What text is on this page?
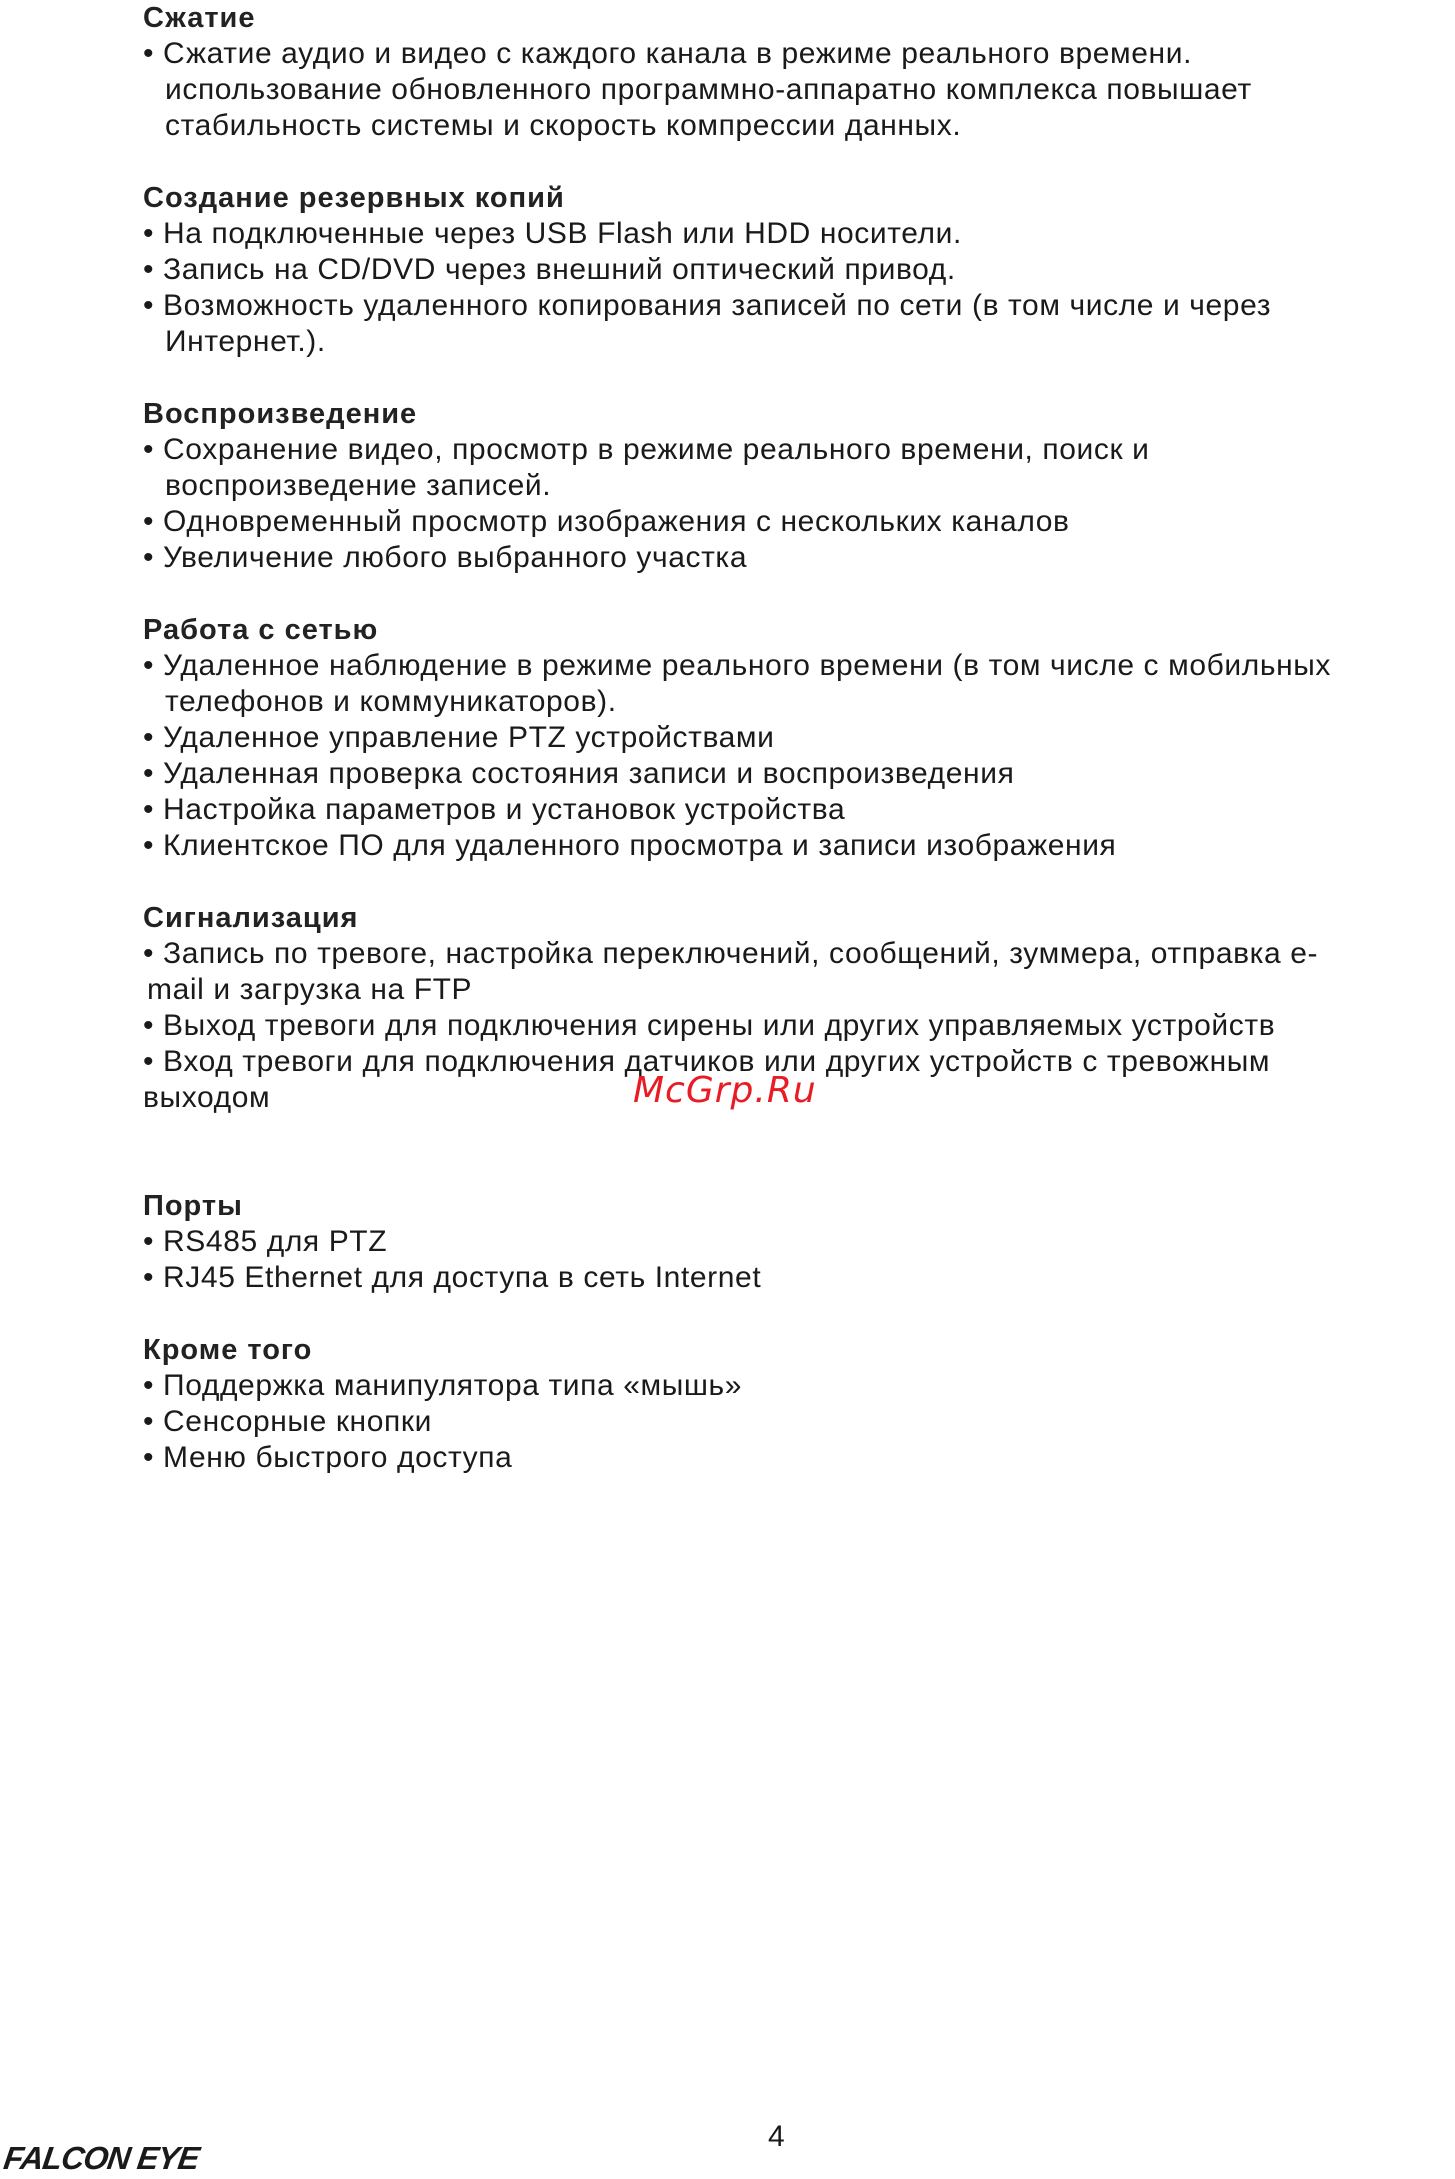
Сжатие
• Сжатие аудио и видео с каждого канала в режиме реального времени.
использование обновленного программно-аппаратно комплекса повышает
стабильность системы и скорость компрессии данных.
Создание резервных копий
• На подключенные через USB Flash или HDD носители.
• Запись на CD/DVD через внешний оптический привод.
• Возможность удаленного копирования записей по сети (в том числе и через
Интернет.).
Воспроизведение
• Сохранение видео, просмотр в режиме реального времени, поиск и
воспроизведение записей.
• Одновременный просмотр изображения с нескольких каналов
• Увеличение любого выбранного участка
Работа с сетью
• Удаленное наблюдение в режиме реального времени (в том числе с мобильных
телефонов и коммуникаторов).
• Удаленное управление PTZ устройствами
• Удаленная проверка состояния записи и воспроизведения
• Настройка параметров и установок устройства
• Клиентское ПО для удаленного просмотра и записи изображения
Сигнализация
• Запись по тревоге, настройка переключений, сообщений, зуммера, отправка e-
mail и загрузка на FTP
• Выход тревоги для подключения сирены или других управляемых устройств
• Вход тревоги для подключения датчиков или других устройств с тревожным
выходом
Порты
• RS485 для PTZ
• RJ45 Ethernet для доступа в сеть Internet
Кроме того
• Поддержка манипулятора типа «мышь»
• Сенсорные кнопки
• Меню быстрого доступа
McGrp.Ru
4
FALCON EYE
